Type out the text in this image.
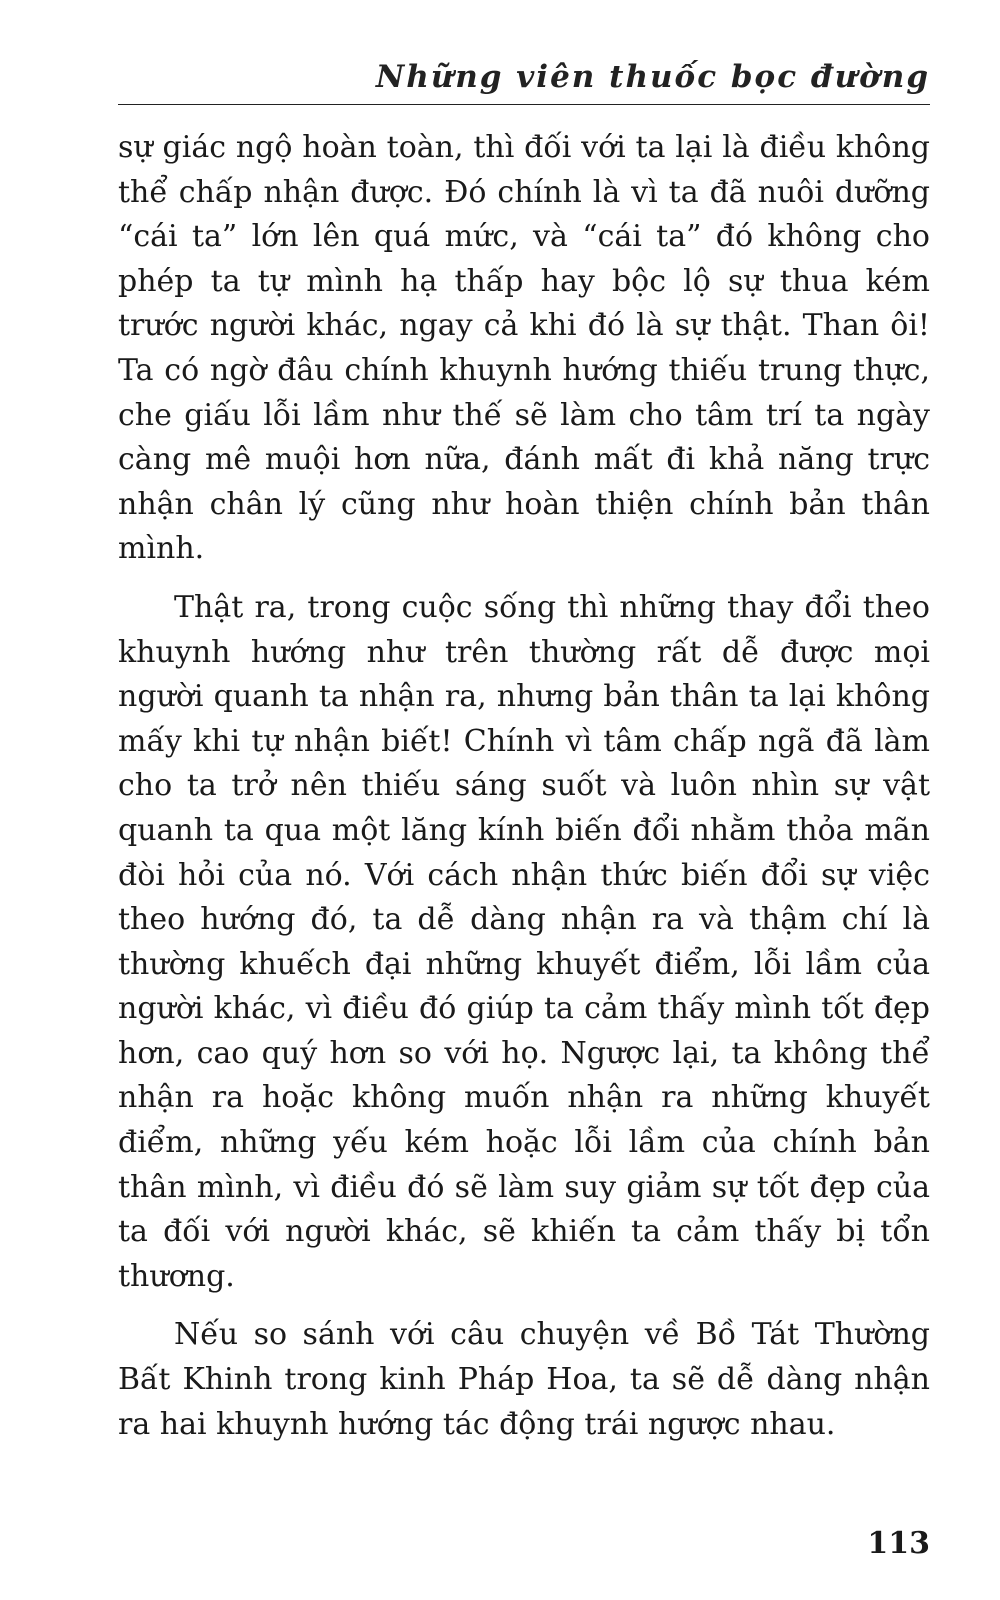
Những viên thuốc bọc đường

sự giác ngộ hoàn toàn, thì đối với ta lại là điều không thể chấp nhận được. Đó chính là vì ta đã nuôi dưỡng “cái ta” lớn lên quá mức, và “cái ta” đó không cho phép ta tự mình hạ thấp hay bộc lộ sự thua kém trước người khác, ngay cả khi đó là sự thật. Than ôi! Ta có ngờ đâu chính khuynh hướng thiếu trung thực, che giấu lỗi lầm như thế sẽ làm cho tâm trí ta ngày càng mê muội hơn nữa, đánh mất đi khả năng trực nhận chân lý cũng như hoàn thiện chính bản thân mình.

Thật ra, trong cuộc sống thì những thay đổi theo khuynh hướng như trên thường rất dễ được mọi người quanh ta nhận ra, nhưng bản thân ta lại không mấy khi tự nhận biết! Chính vì tâm chấp ngã đã làm cho ta trở nên thiếu sáng suốt và luôn nhìn sự vật quanh ta qua một lăng kính biến đổi nhằm thỏa mãn đòi hỏi của nó. Với cách nhận thức biến đổi sự việc theo hướng đó, ta dễ dàng nhận ra và thậm chí là thường khuếch đại những khuyết điểm, lỗi lầm của người khác, vì điều đó giúp ta cảm thấy mình tốt đẹp hơn, cao quý hơn so với họ. Ngược lại, ta không thể nhận ra hoặc không muốn nhận ra những khuyết điểm, những yếu kém hoặc lỗi lầm của chính bản thân mình, vì điều đó sẽ làm suy giảm sự tốt đẹp của ta đối với người khác, sẽ khiến ta cảm thấy bị tổn thương.

Nếu so sánh với câu chuyện về Bồ Tát Thường Bất Khinh trong kinh Pháp Hoa, ta sẽ dễ dàng nhận ra hai khuynh hướng tác động trái ngược nhau.

113
